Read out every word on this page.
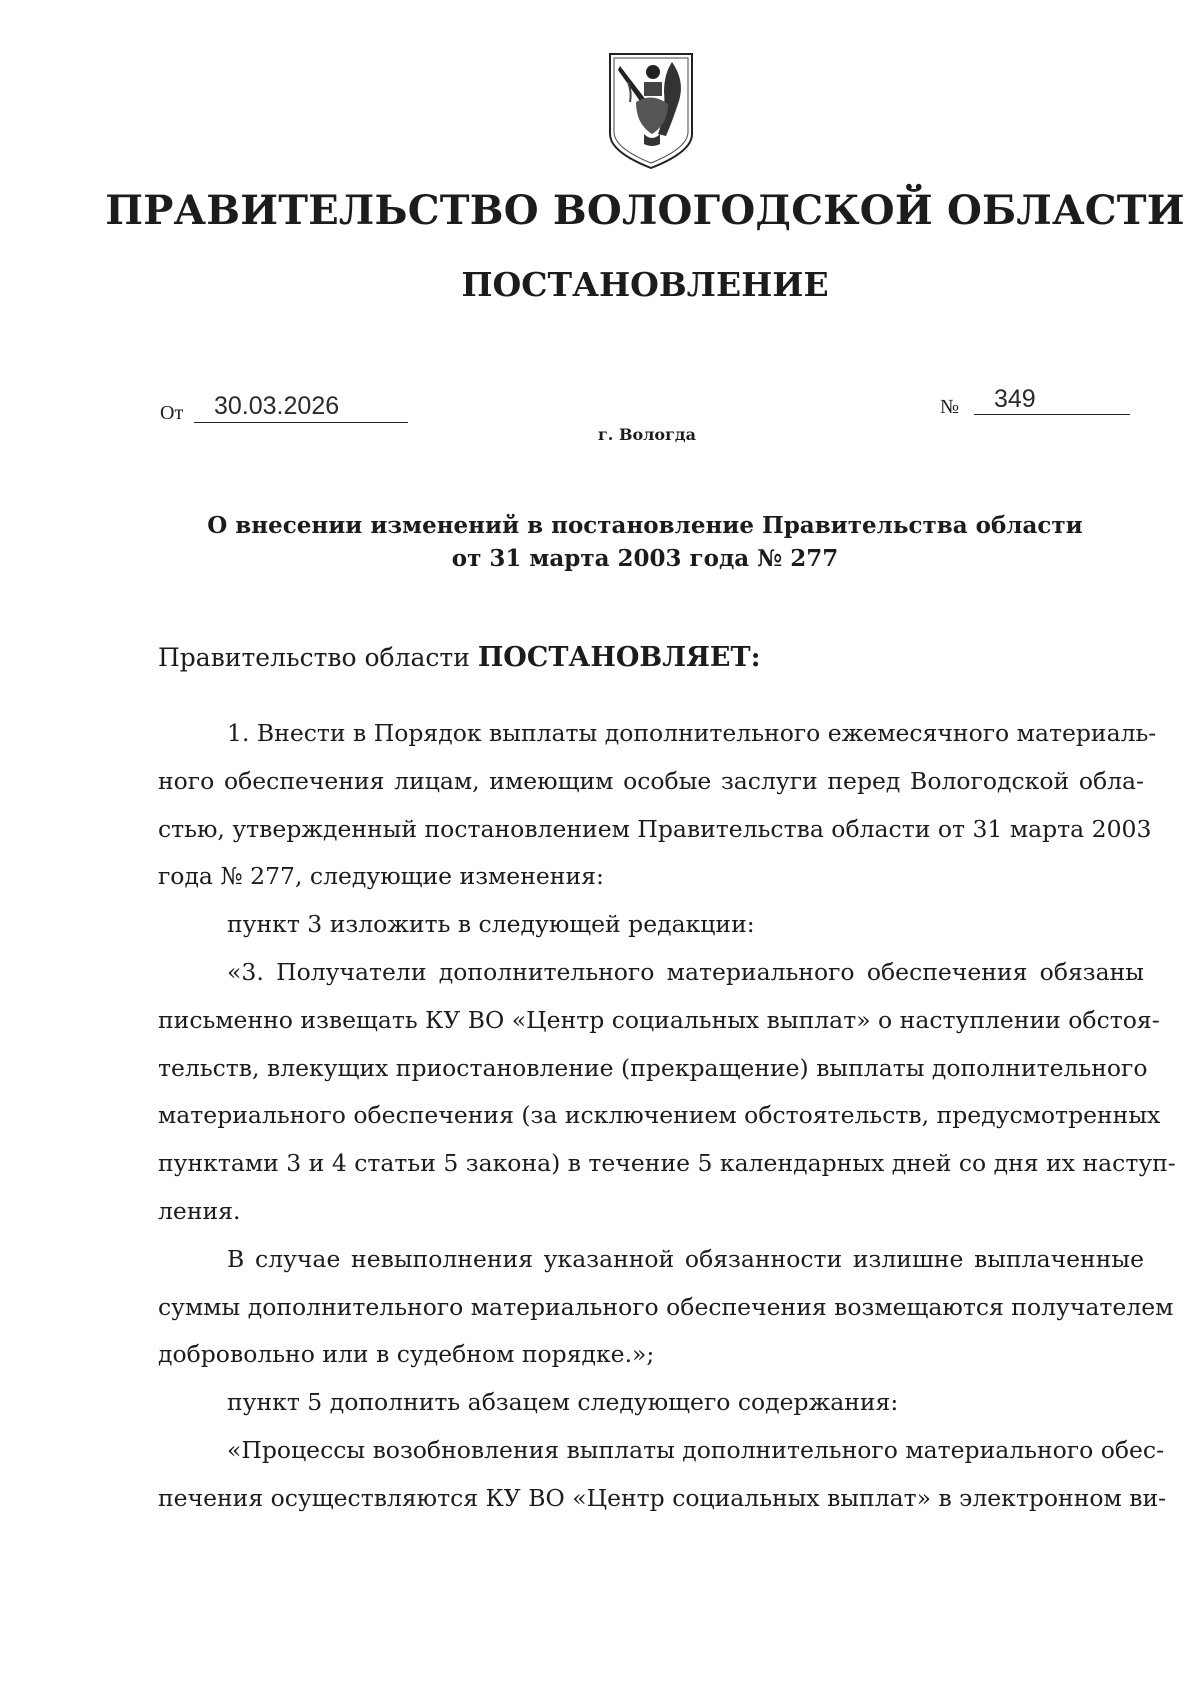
ПРАВИТЕЛЬСТВО ВОЛОГОДСКОЙ ОБЛАСТИ
ПОСТАНОВЛЕНИЕ
От 30.03.2026	№ 349
г. Вологда
О внесении изменений в постановление Правительства области
от 31 марта 2003 года № 277
Правительство области ПОСТАНОВЛЯЕТ:
1. Внести в Порядок выплаты дополнительного ежемесячного материаль-
ного обеспечения лицам, имеющим особые заслуги перед Вологодской обла-
стью, утвержденный постановлением Правительства области от 31 марта 2003
года № 277, следующие изменения:
пункт 3 изложить в следующей редакции:
«3. Получатели дополнительного материального обеспечения обязаны
письменно извещать КУ ВО «Центр социальных выплат» о наступлении обстоя-
тельств, влекущих приостановление (прекращение) выплаты дополнительного
материального обеспечения (за исключением обстоятельств, предусмотренных
пунктами 3 и 4 статьи 5 закона) в течение 5 календарных дней со дня их наступ-
ления.
В случае невыполнения указанной обязанности излишне выплаченные
суммы дополнительного материального обеспечения возмещаются получателем
добровольно или в судебном порядке.»;
пункт 5 дополнить абзацем следующего содержания:
«Процессы возобновления выплаты дополнительного материального обес-
печения осуществляются КУ ВО «Центр социальных выплат» в электронном ви-
